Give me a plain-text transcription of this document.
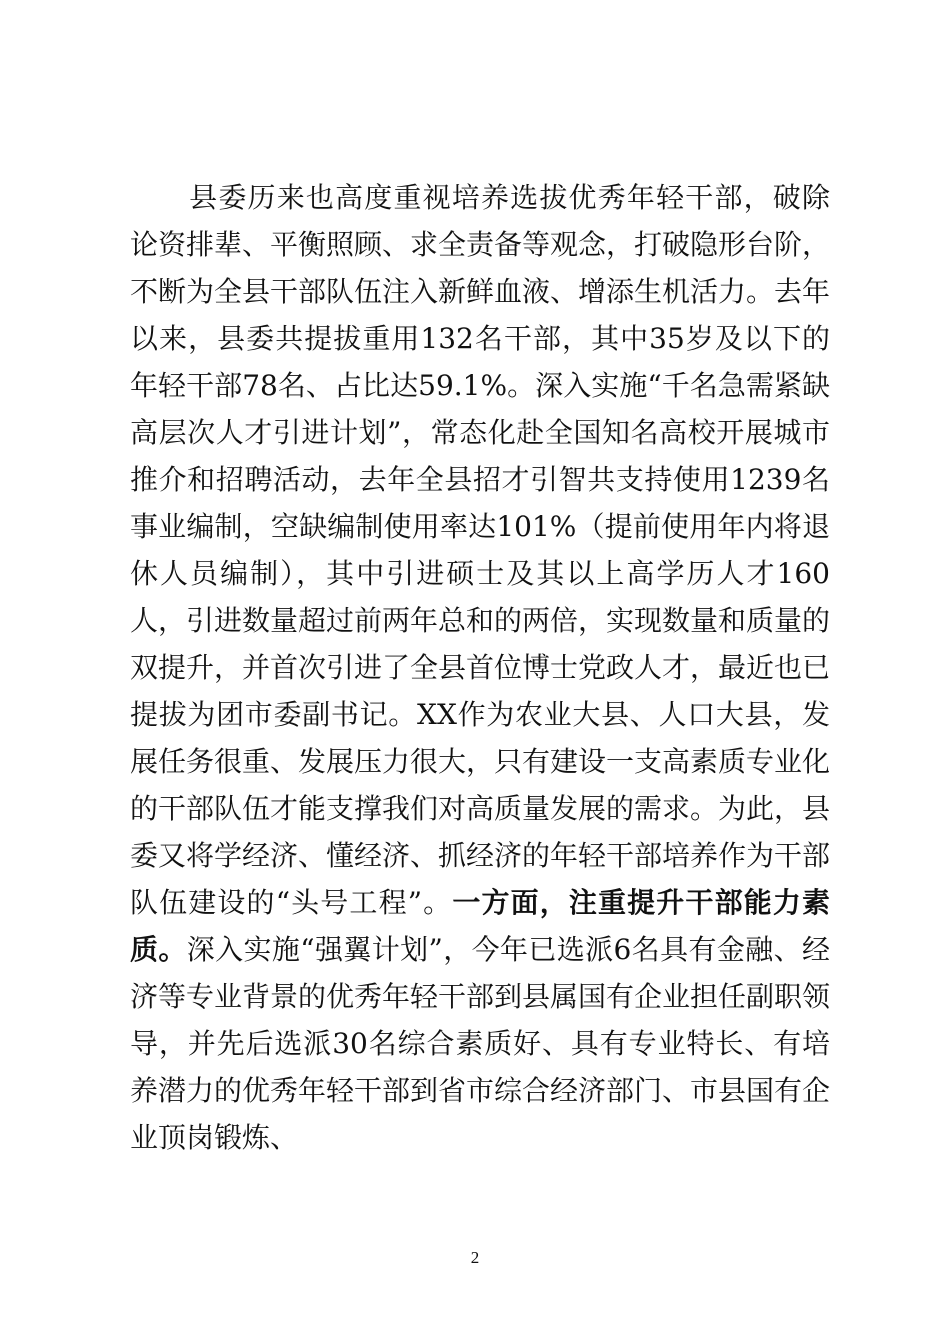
县委历来也高度重视培养选拔优秀年轻干部，破除论资排辈、平衡照顾、求全责备等观念，打破隐形台阶，不断为全县干部队伍注入新鲜血液、增添生机活力。去年以来，县委共提拔重用132名干部，其中35岁及以下的年轻干部78名、占比达59.1%。深入实施“千名急需紧缺高层次人才引进计划”，常态化赴全国知名高校开展城市推介和招聘活动，去年全县招才引智共支持使用1239名事业编制，空缺编制使用率达101%（提前使用年内将退休人员编制），其中引进硕士及其以上高学历人才160人，引进数量超过前两年总和的两倍，实现数量和质量的双提升，并首次引进了全县首位博士党政人才，最近也已提拔为团市委副书记。XX作为农业大县、人口大县，发展任务很重、发展压力很大，只有建设一支高素质专业化的干部队伍才能支撑我们对高质量发展的需求。为此，县委又将学经济、懂经济、抓经济的年轻干部培养作为干部队伍建设的“头号工程”。一方面，注重提升干部能力素质。深入实施“强翼计划”，今年已选派6名具有金融、经济等专业背景的优秀年轻干部到县属国有企业担任副职领导，并先后选派30名综合素质好、具有专业特长、有培养潜力的优秀年轻干部到省市综合经济部门、市县国有企业顶岗锻炼、

2
